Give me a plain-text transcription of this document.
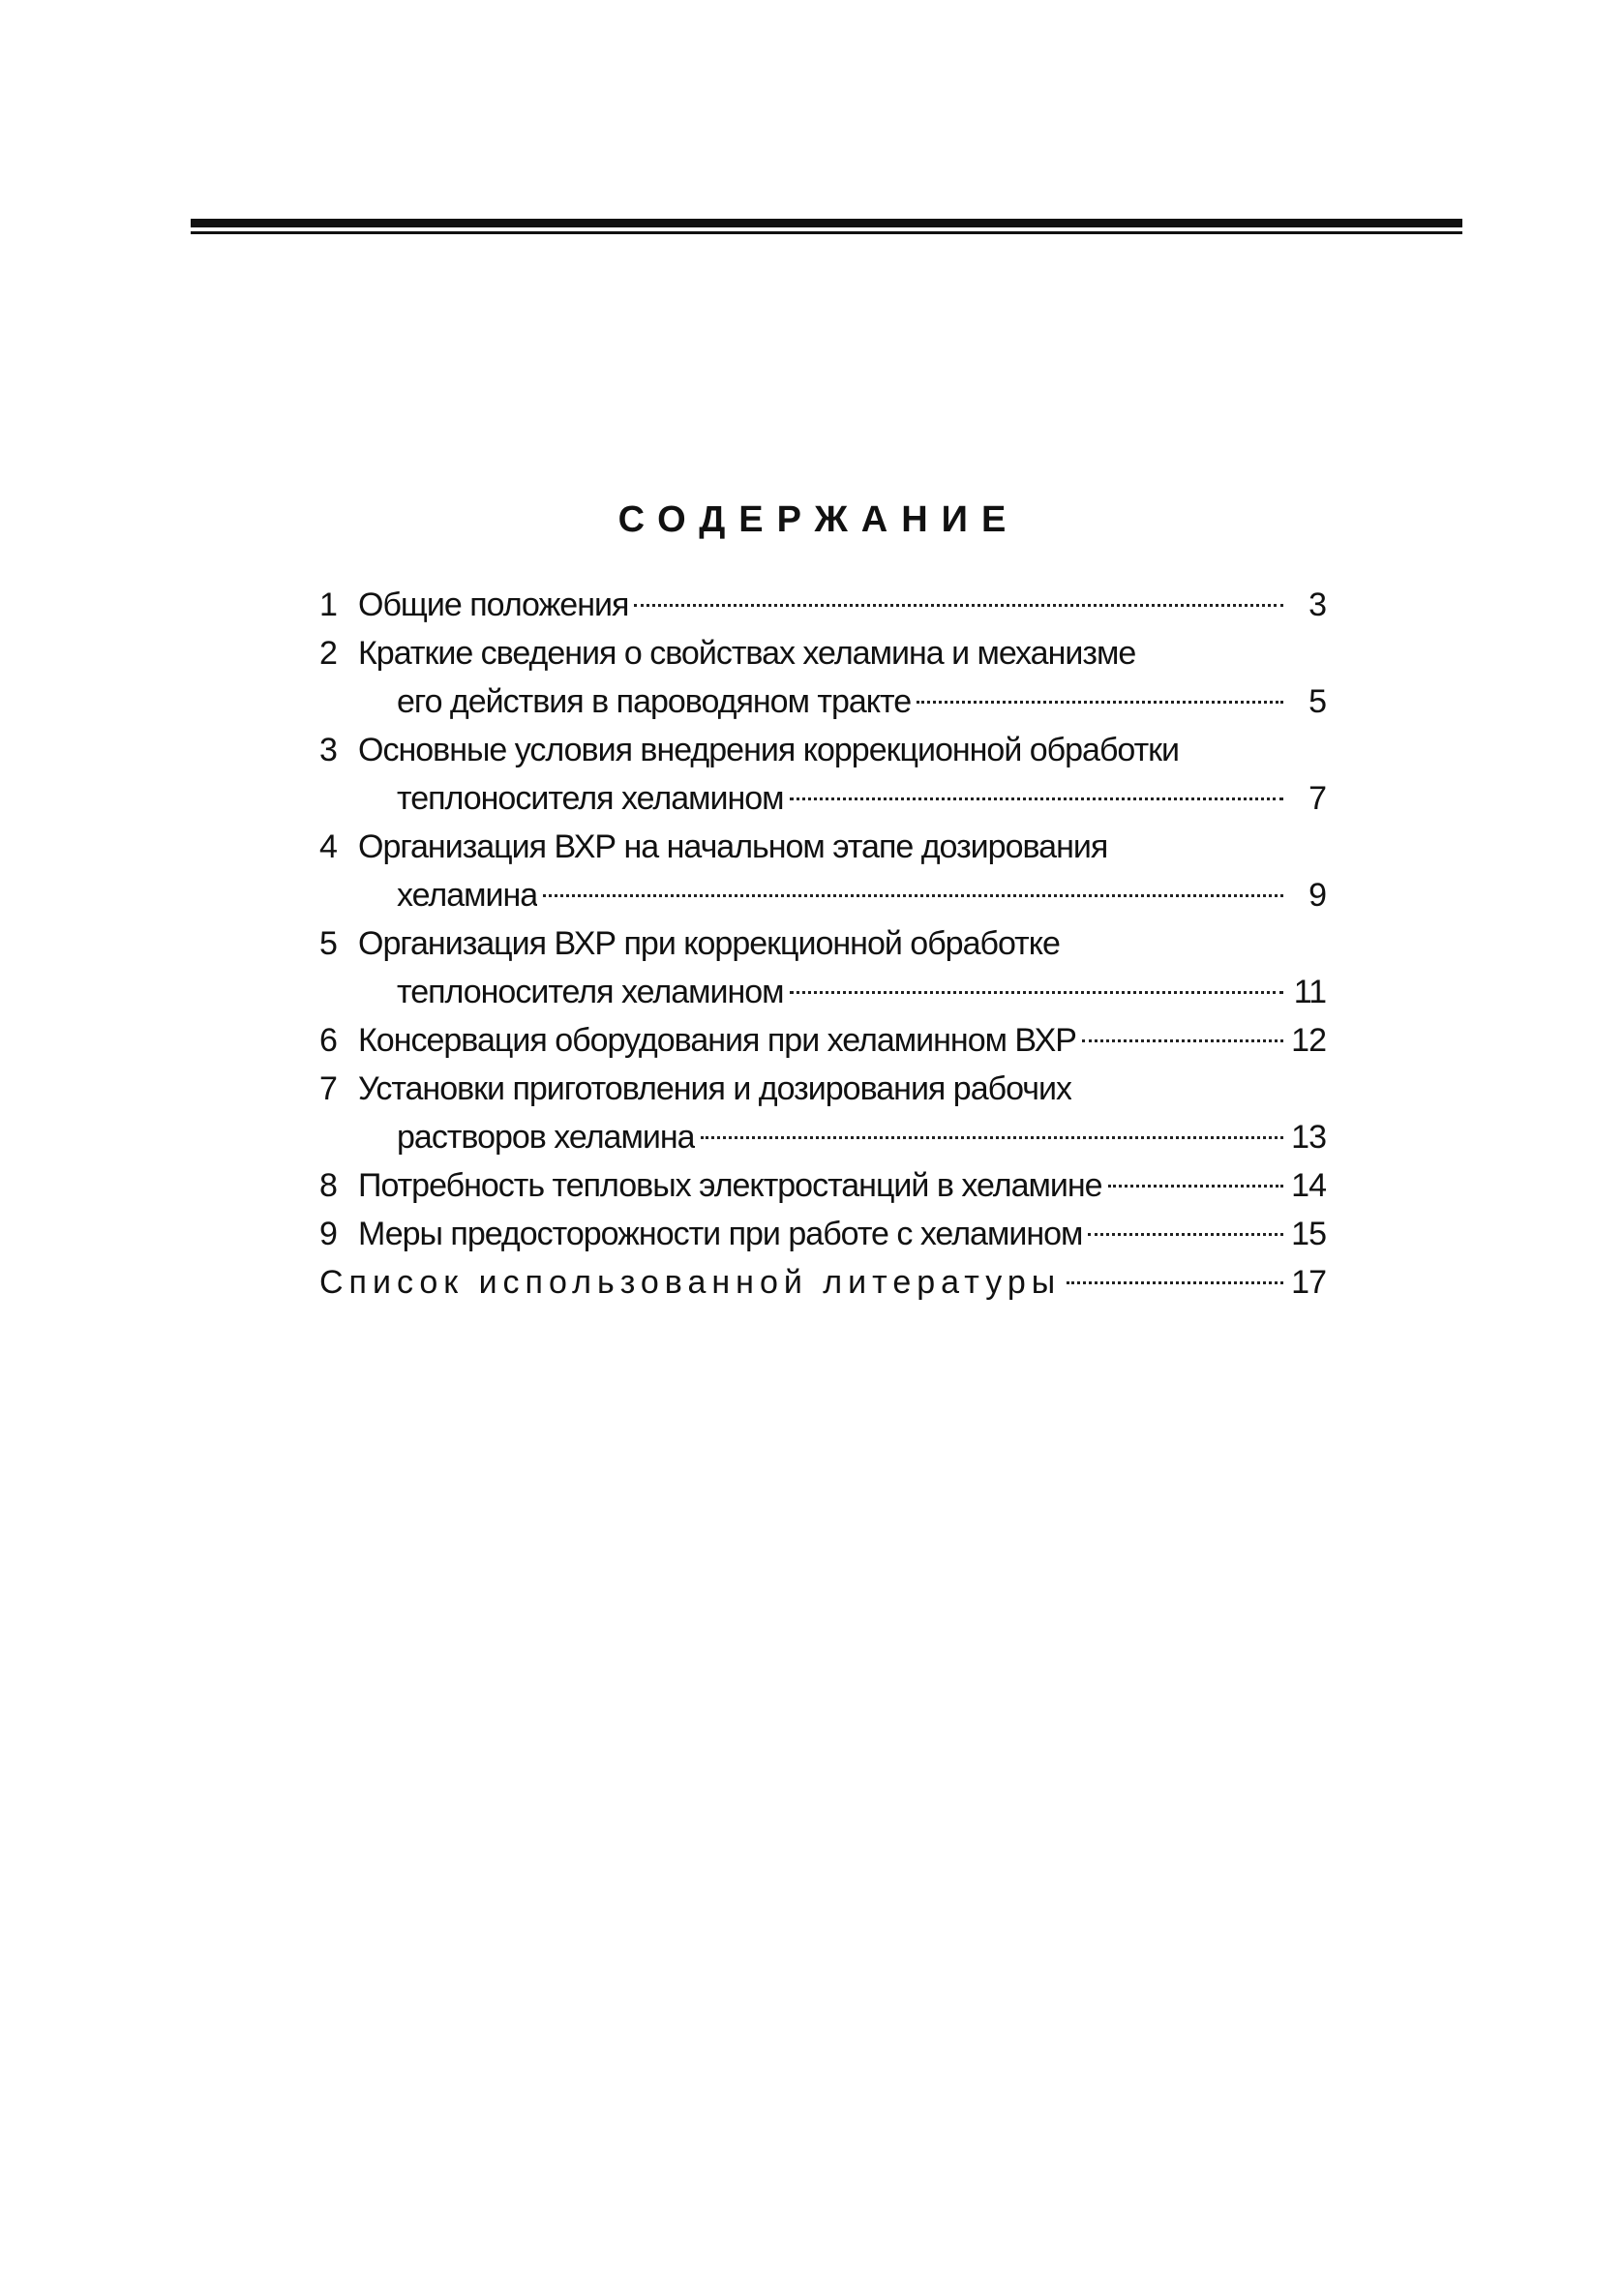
СОДЕРЖАНИЕ
1 Общие положения	3
2 Краткие сведения о свойствах хеламина и механизме
его действия в пароводяном тракте	5
3 Основные условия внедрения коррекционной обработки
теплоносителя хеламином	7
4 Организация ВХР на начальном этапе дозирования
хеламина	9
5 Организация ВХР при коррекционной обработке
теплоносителя хеламином	11
6 Консервация оборудования при хеламинном ВХР	12
7 Установки приготовления и дозирования рабочих
растворов хеламина	13
8 Потребность тепловых электростанций в хеламине	14
9 Меры предосторожности при работе с хеламином	15
Список использованной литературы	17
